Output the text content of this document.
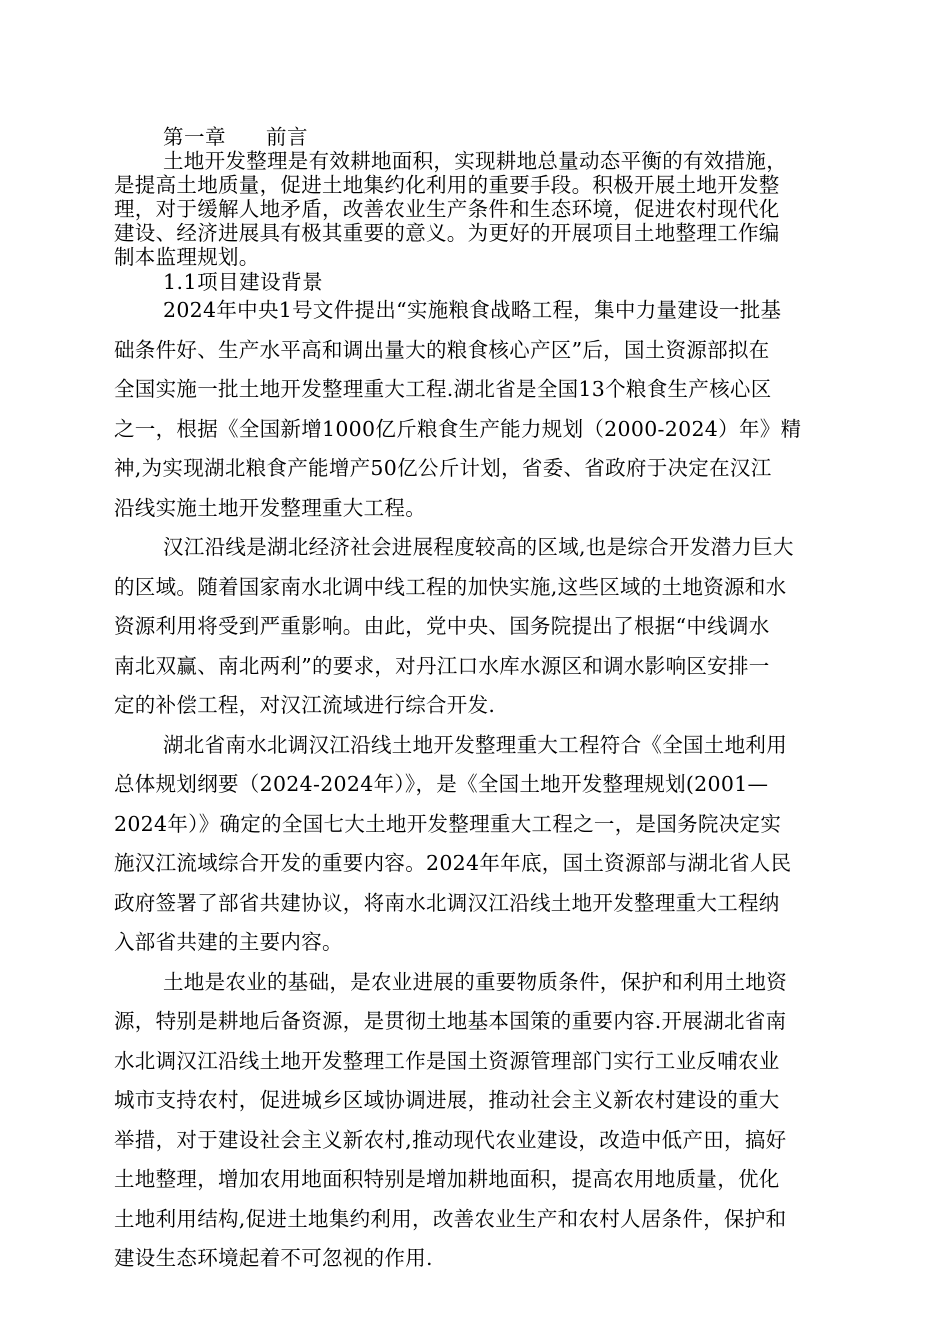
第一章 前言

土地开发整理是有效耕地面积，实现耕地总量动态平衡的有效措施，

是提高土地质量，促进土地集约化利用的重要手段。积极开展土地开发整

理，对于缓解人地矛盾，改善农业生产条件和生态环境，促进农村现代化

建设、经济进展具有极其重要的意义。为更好的开展项目土地整理工作编

制本监理规划。

1.1项目建设背景

2024年中央1号文件提出“实施粮食战略工程，集中力量建设一批基

础条件好、生产水平高和调出量大的粮食核心产区”后，国土资源部拟在

全国实施一批土地开发整理重大工程.湖北省是全国13个粮食生产核心区

之一，根据《全国新增1000亿斤粮食生产能力规划（2000-2024）年》精

神,为实现湖北粮食产能增产50亿公斤计划，省委、省政府于决定在汉江

沿线实施土地开发整理重大工程。

汉江沿线是湖北经济社会进展程度较高的区域,也是综合开发潜力巨大

的区域。随着国家南水北调中线工程的加快实施,这些区域的土地资源和水

资源利用将受到严重影响。由此，党中央、国务院提出了根据“中线调水

南北双赢、南北两利”的要求，对丹江口水库水源区和调水影响区安排一

定的补偿工程，对汉江流域进行综合开发.

湖北省南水北调汉江沿线土地开发整理重大工程符合《全国土地利用

总体规划纲要（2024-2024年）》，是《全国土地开发整理规划(2001—

2024年）》确定的全国七大土地开发整理重大工程之一，是国务院决定实

施汉江流域综合开发的重要内容。2024年年底，国土资源部与湖北省人民

政府签署了部省共建协议，将南水北调汉江沿线土地开发整理重大工程纳

入部省共建的主要内容。

土地是农业的基础，是农业进展的重要物质条件，保护和利用土地资

源，特别是耕地后备资源，是贯彻土地基本国策的重要内容.开展湖北省南

水北调汉江沿线土地开发整理工作是国土资源管理部门实行工业反哺农业

城市支持农村，促进城乡区域协调进展，推动社会主义新农村建设的重大

举措，对于建设社会主义新农村,推动现代农业建设，改造中低产田，搞好

土地整理，增加农用地面积特别是增加耕地面积，提高农用地质量，优化

土地利用结构,促进土地集约利用，改善农业生产和农村人居条件，保护和

建设生态环境起着不可忽视的作用.
